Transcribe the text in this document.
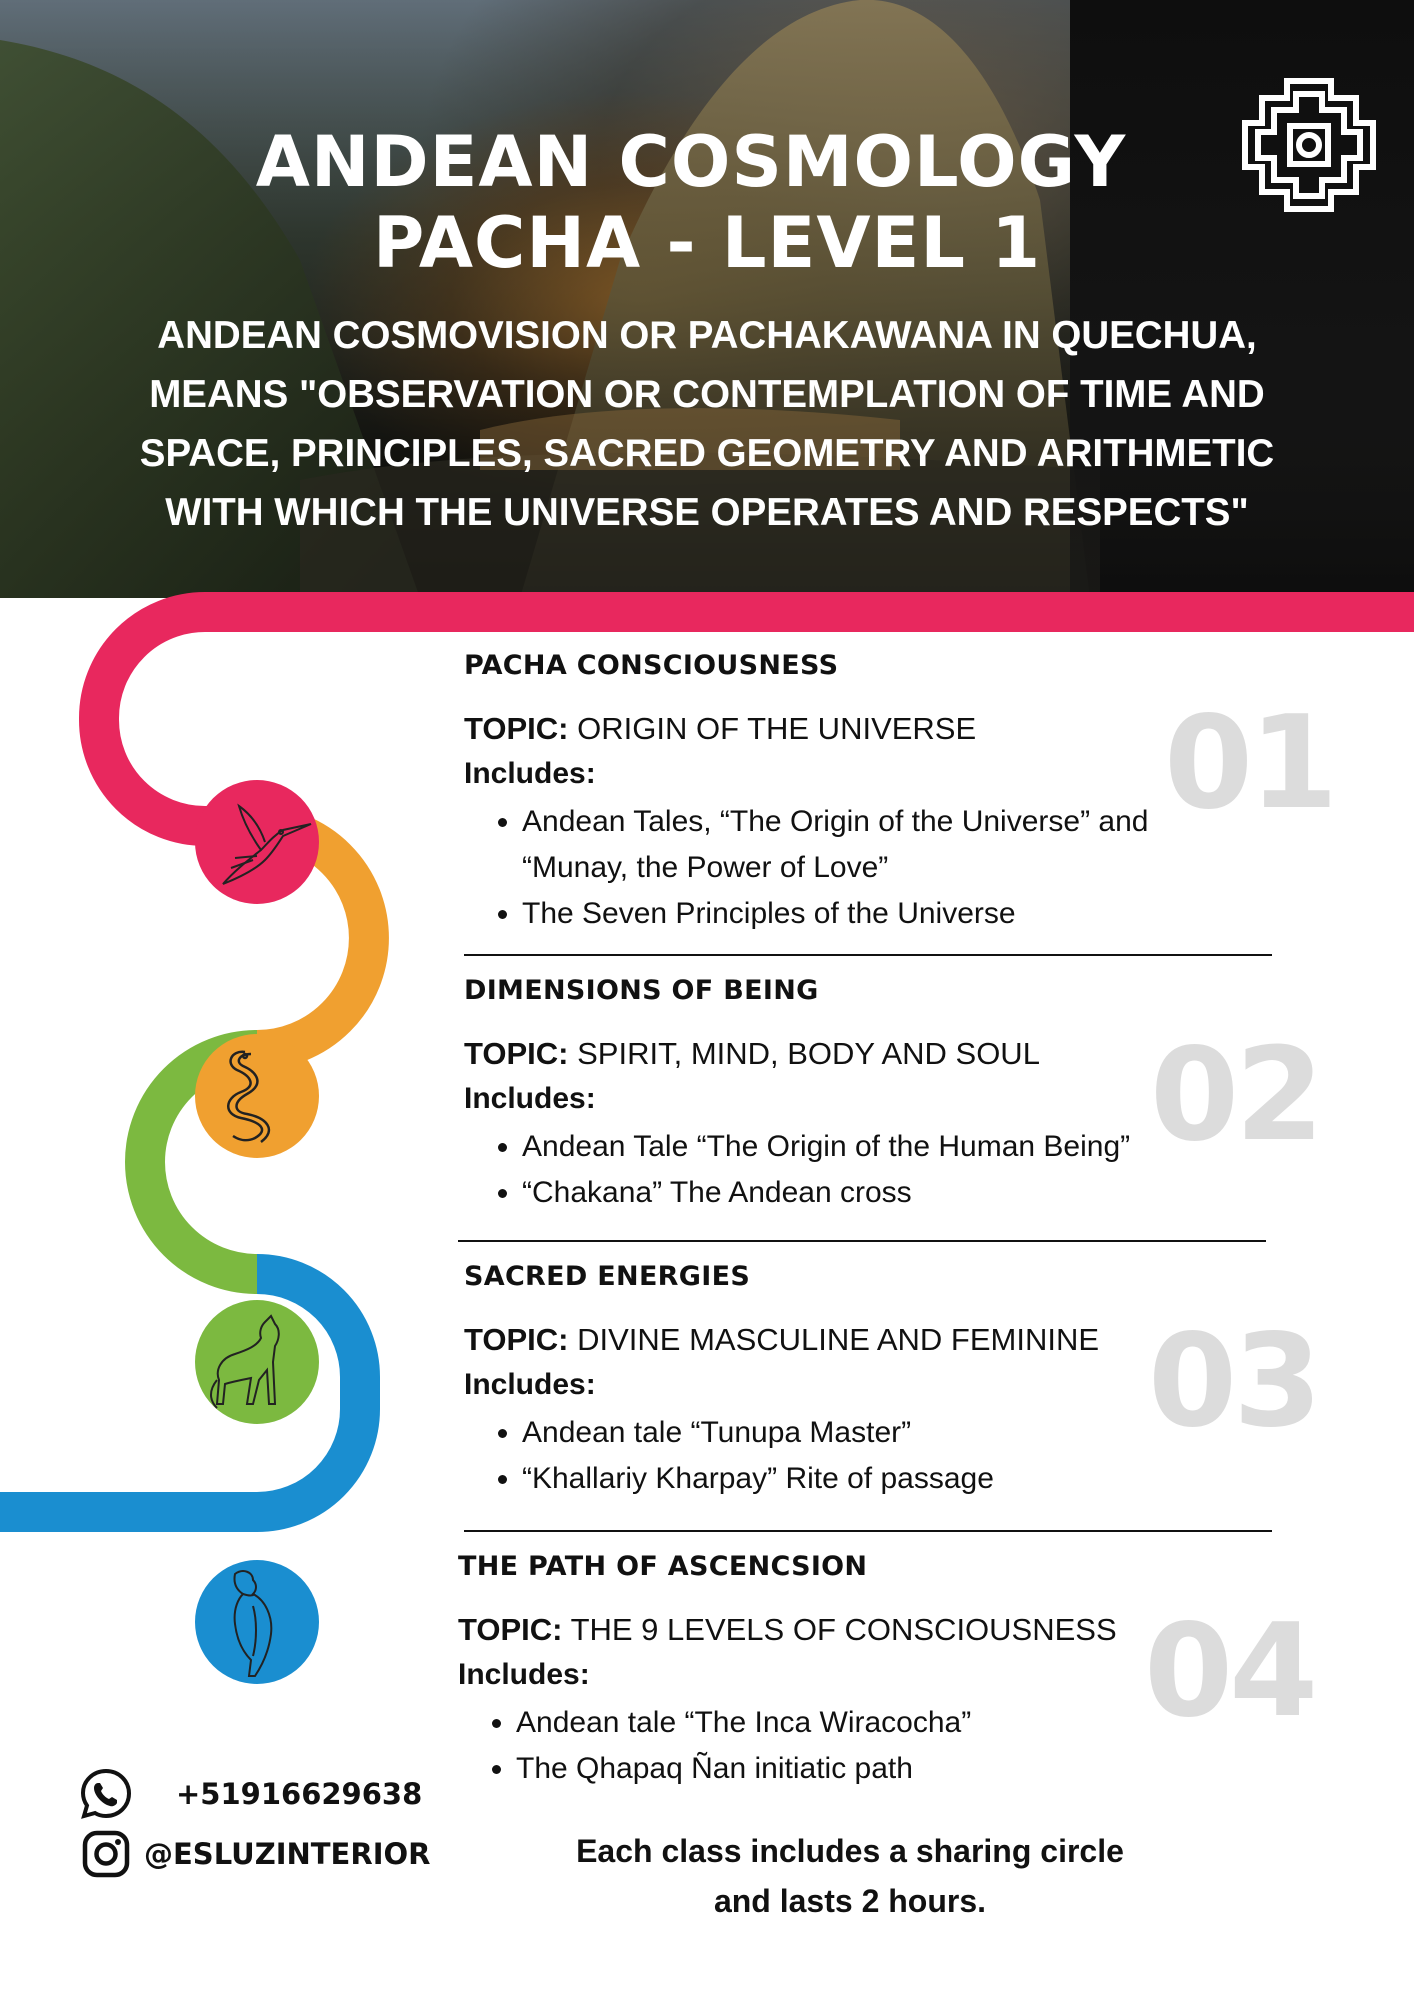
ANDEAN COSMOLOGY
PACHA - LEVEL 1
ANDEAN COSMOVISION OR PACHAKAWANA IN QUECHUA,
MEANS "OBSERVATION OR CONTEMPLATION OF TIME AND
SPACE, PRINCIPLES, SACRED GEOMETRY AND ARITHMETIC
WITH WHICH THE UNIVERSE OPERATES AND RESPECTS"
PACHA CONSCIOUSNESS
TOPIC: ORIGIN OF THE UNIVERSE
Includes:
• Andean Tales, “The Origin of the Universe” and “Munay, the Power of Love”
• The Seven Principles of the Universe
01
DIMENSIONS OF BEING
TOPIC: SPIRIT, MIND, BODY AND SOUL
Includes:
• Andean Tale “The Origin of the Human Being”
• “Chakana” The Andean cross
02
SACRED ENERGIES
TOPIC: DIVINE MASCULINE AND FEMININE
Includes:
• Andean tale “Tunupa Master”
• “Khallariy Kharpay” Rite of passage
03
THE PATH OF ASCENCSION
TOPIC: THE 9 LEVELS OF CONSCIOUSNESS
Includes:
• Andean tale “The Inca Wiracocha”
• The Qhapaq Ñan initiatic path
04
+51916629638
@ESLUZINTERIOR	Each class includes a sharing circle
and lasts 2 hours.
